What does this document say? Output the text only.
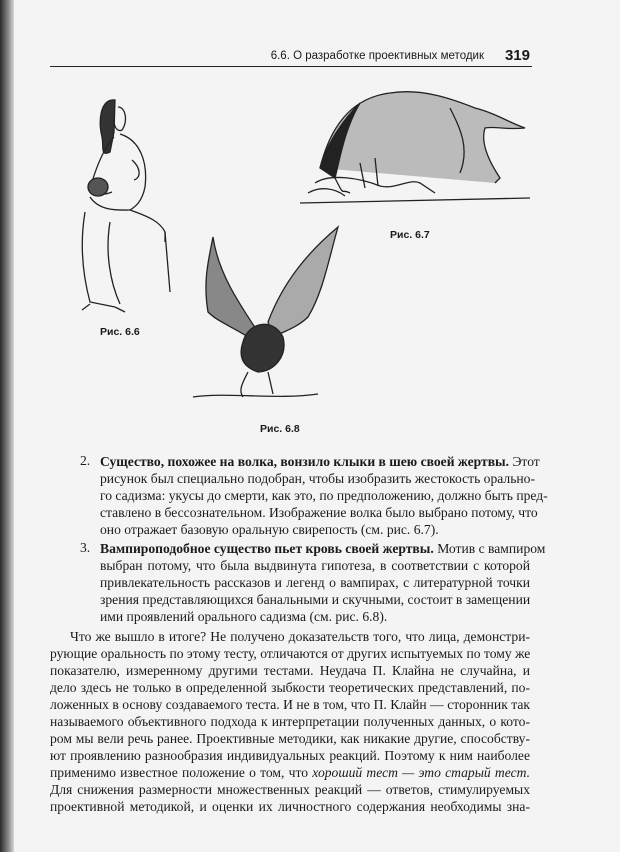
6.6. О разработке проективных методик 319
Рис. 6.6
Рис. 6.7
Рис. 6.8
2. Существо, похожее на волка, вонзило клыки в шею своей жертвы. Этот
рисунок был специально подобран, чтобы изобразить жестокость орально-
го садизма: укусы до смерти, как это, по предположению, должно быть пред-
ставлено в бессознательном. Изображение волка было выбрано потому, что
оно отражает базовую оральную свирепость (см. рис. 6.7).
3. Вампироподобное существо пьет кровь своей жертвы. Мотив с вампиром
выбран потому, что была выдвинута гипотеза, в соответствии с которой
привлекательность рассказов и легенд о вампирах, с литературной точки
зрения представляющихся банальными и скучными, состоит в замещении
ими проявлений орального садизма (см. рис. 6.8).
Что же вышло в итоге? Не получено доказательств того, что лица, демонстри-
рующие оральность по этому тесту, отличаются от других испытуемых по тому же
показателю, измеренному другими тестами. Неудача П. Клайна не случайна, и
дело здесь не только в определенной зыбкости теоретических представлений, по-
ложенных в основу создаваемого теста. И не в том, что П. Клайн — сторонник так
называемого объективного подхода к интерпретации полученных данных, о кото-
ром мы вели речь ранее. Проективные методики, как никакие другие, способству-
ют проявлению разнообразия индивидуальных реакций. Поэтому к ним наиболее
применимо известное положение о том, что хороший тест — это старый тест.
Для снижения размерности множественных реакций — ответов, стимулируемых
проективной методикой, и оценки их личностного содержания необходимы зна-
